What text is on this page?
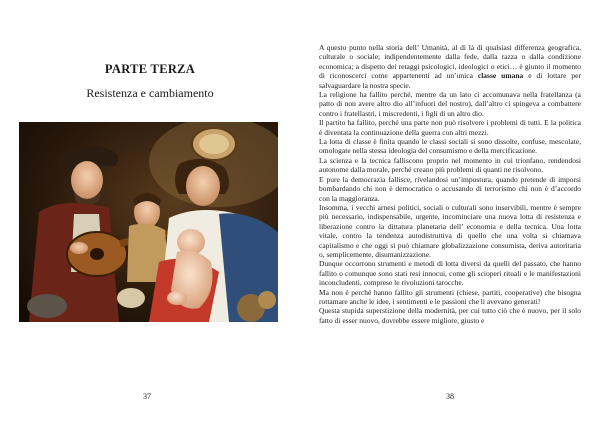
PARTE TERZA
Resistenza e cambiamento
37

A questo punto nella storia dell’ Umanità, al di là di qualsiasi differenza geografica, culturale o sociale; indipendentemente dalla fede, dalla razza o dalla condizione economica; a dispetto dei retaggi psicologici, ideologici o etici… è giunto il momento di riconoscerci come appartenenti ad un’unica classe umana e di lottare per salvaguardare la nostra specie.

La religione ha fallito perché, mentre da un lato ci accomunava nella fratellanza (a patto di non avere altro dio all’infuori del nostro), dall’altro ci spingeva a combattere contro i fratellastri, i miscredenti, i figli di un altro dio.

Il partito ha fallito, perché una parte non può risolvere i problemi di tutti. E la politica è diventata la continuazione della guerra con altri mezzi.

La lotta di classe è finita quando le classi sociali si sono dissolte, confuse, mescolate, omologate nella stessa ideologia del consumismo e della mercificazione.

La scienza e la tecnica falliscono proprio nel momento in cui trionfano, rendendosi autonome dalla morale, perché creano più problemi di quanti ne risolvono.

E pure la democrazia fallisce, rivelandosi un’impostura, quando pretende di imporsi bombardando chi non è democratico o accusando di terrorismo chi non è d’accordo con la maggioranza.

Insomma, i vecchi arnesi politici, sociali o culturali sono inservibili, mentre è sempre più necessario, indispensabile, urgente, incominciare una nuova lotta di resistenza e liberazione contro la dittatura planetaria dell’ economia e della tecnica. Una lotta vitale, contro la tendenza autodistruttiva di quello che una volta si chiamava capitalismo e che oggi si può chiamare globalizzazione consumista, deriva autoritaria o, semplicemente, disumanizzazione.

Dunque occorrono strumenti e metodi di lotta diversi da quelli del passato, che hanno fallito o comunque sono stati resi innocui, come gli scioperi rituali e le manifestazioni inconcludenti, comprese le rivoluzioni tarocche.

Ma non è perché hanno fallito gli strumenti (chiese, partiti, cooperative) che bisogna rottamare anche le idee, i sentimenti e le passioni che li avevano generati!

Questa stupida superstizione della modernità, per cui tutto ciò che è nuovo, per il solo fatto di esser nuovo, dovrebbe essere migliore, giusto e

38
